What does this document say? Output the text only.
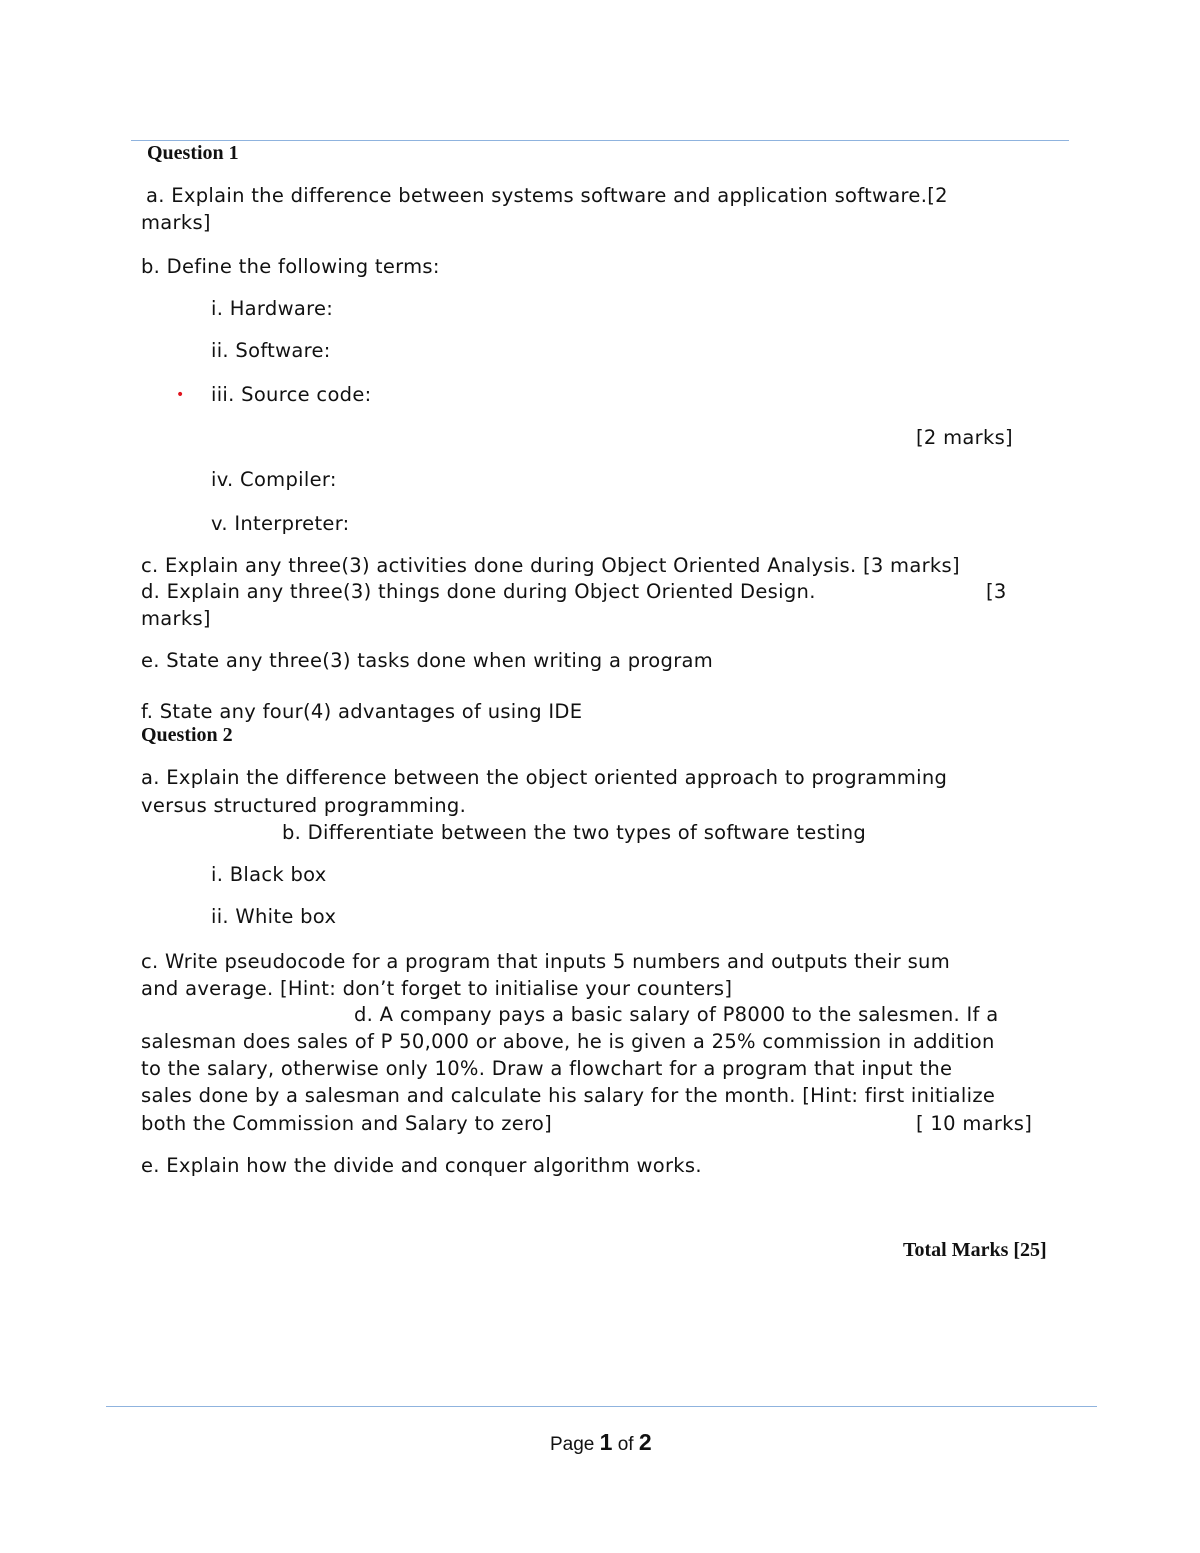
Question 1
a. Explain the difference between systems software and application software.[2
marks]
b. Define the following terms:
i. Hardware:
ii. Software:
• iii. Source code:
[2 marks]
iv. Compiler:
v. Interpreter:
c. Explain any three(3) activities done during Object Oriented Analysis. [3 marks]
d. Explain any three(3) things done during Object Oriented Design.	[3
marks]
e. State any three(3) tasks done when writing a program
f. State any four(4) advantages of using IDE
Question 2
a. Explain the difference between the object oriented approach to programming
versus structured programming.
b. Differentiate between the two types of software testing
i. Black box
ii. White box
c. Write pseudocode for a program that inputs 5 numbers and outputs their sum
and average. [Hint: don’t forget to initialise your counters]
d. A company pays a basic salary of P8000 to the salesmen. If a
salesman does sales of P 50,000 or above, he is given a 25% commission in addition
to the salary, otherwise only 10%. Draw a flowchart for a program that input the
sales done by a salesman and calculate his salary for the month. [Hint: first initialize
both the Commission and Salary to zero]	[ 10 marks]
e. Explain how the divide and conquer algorithm works.
Total Marks [25]
Page 1 of 2
